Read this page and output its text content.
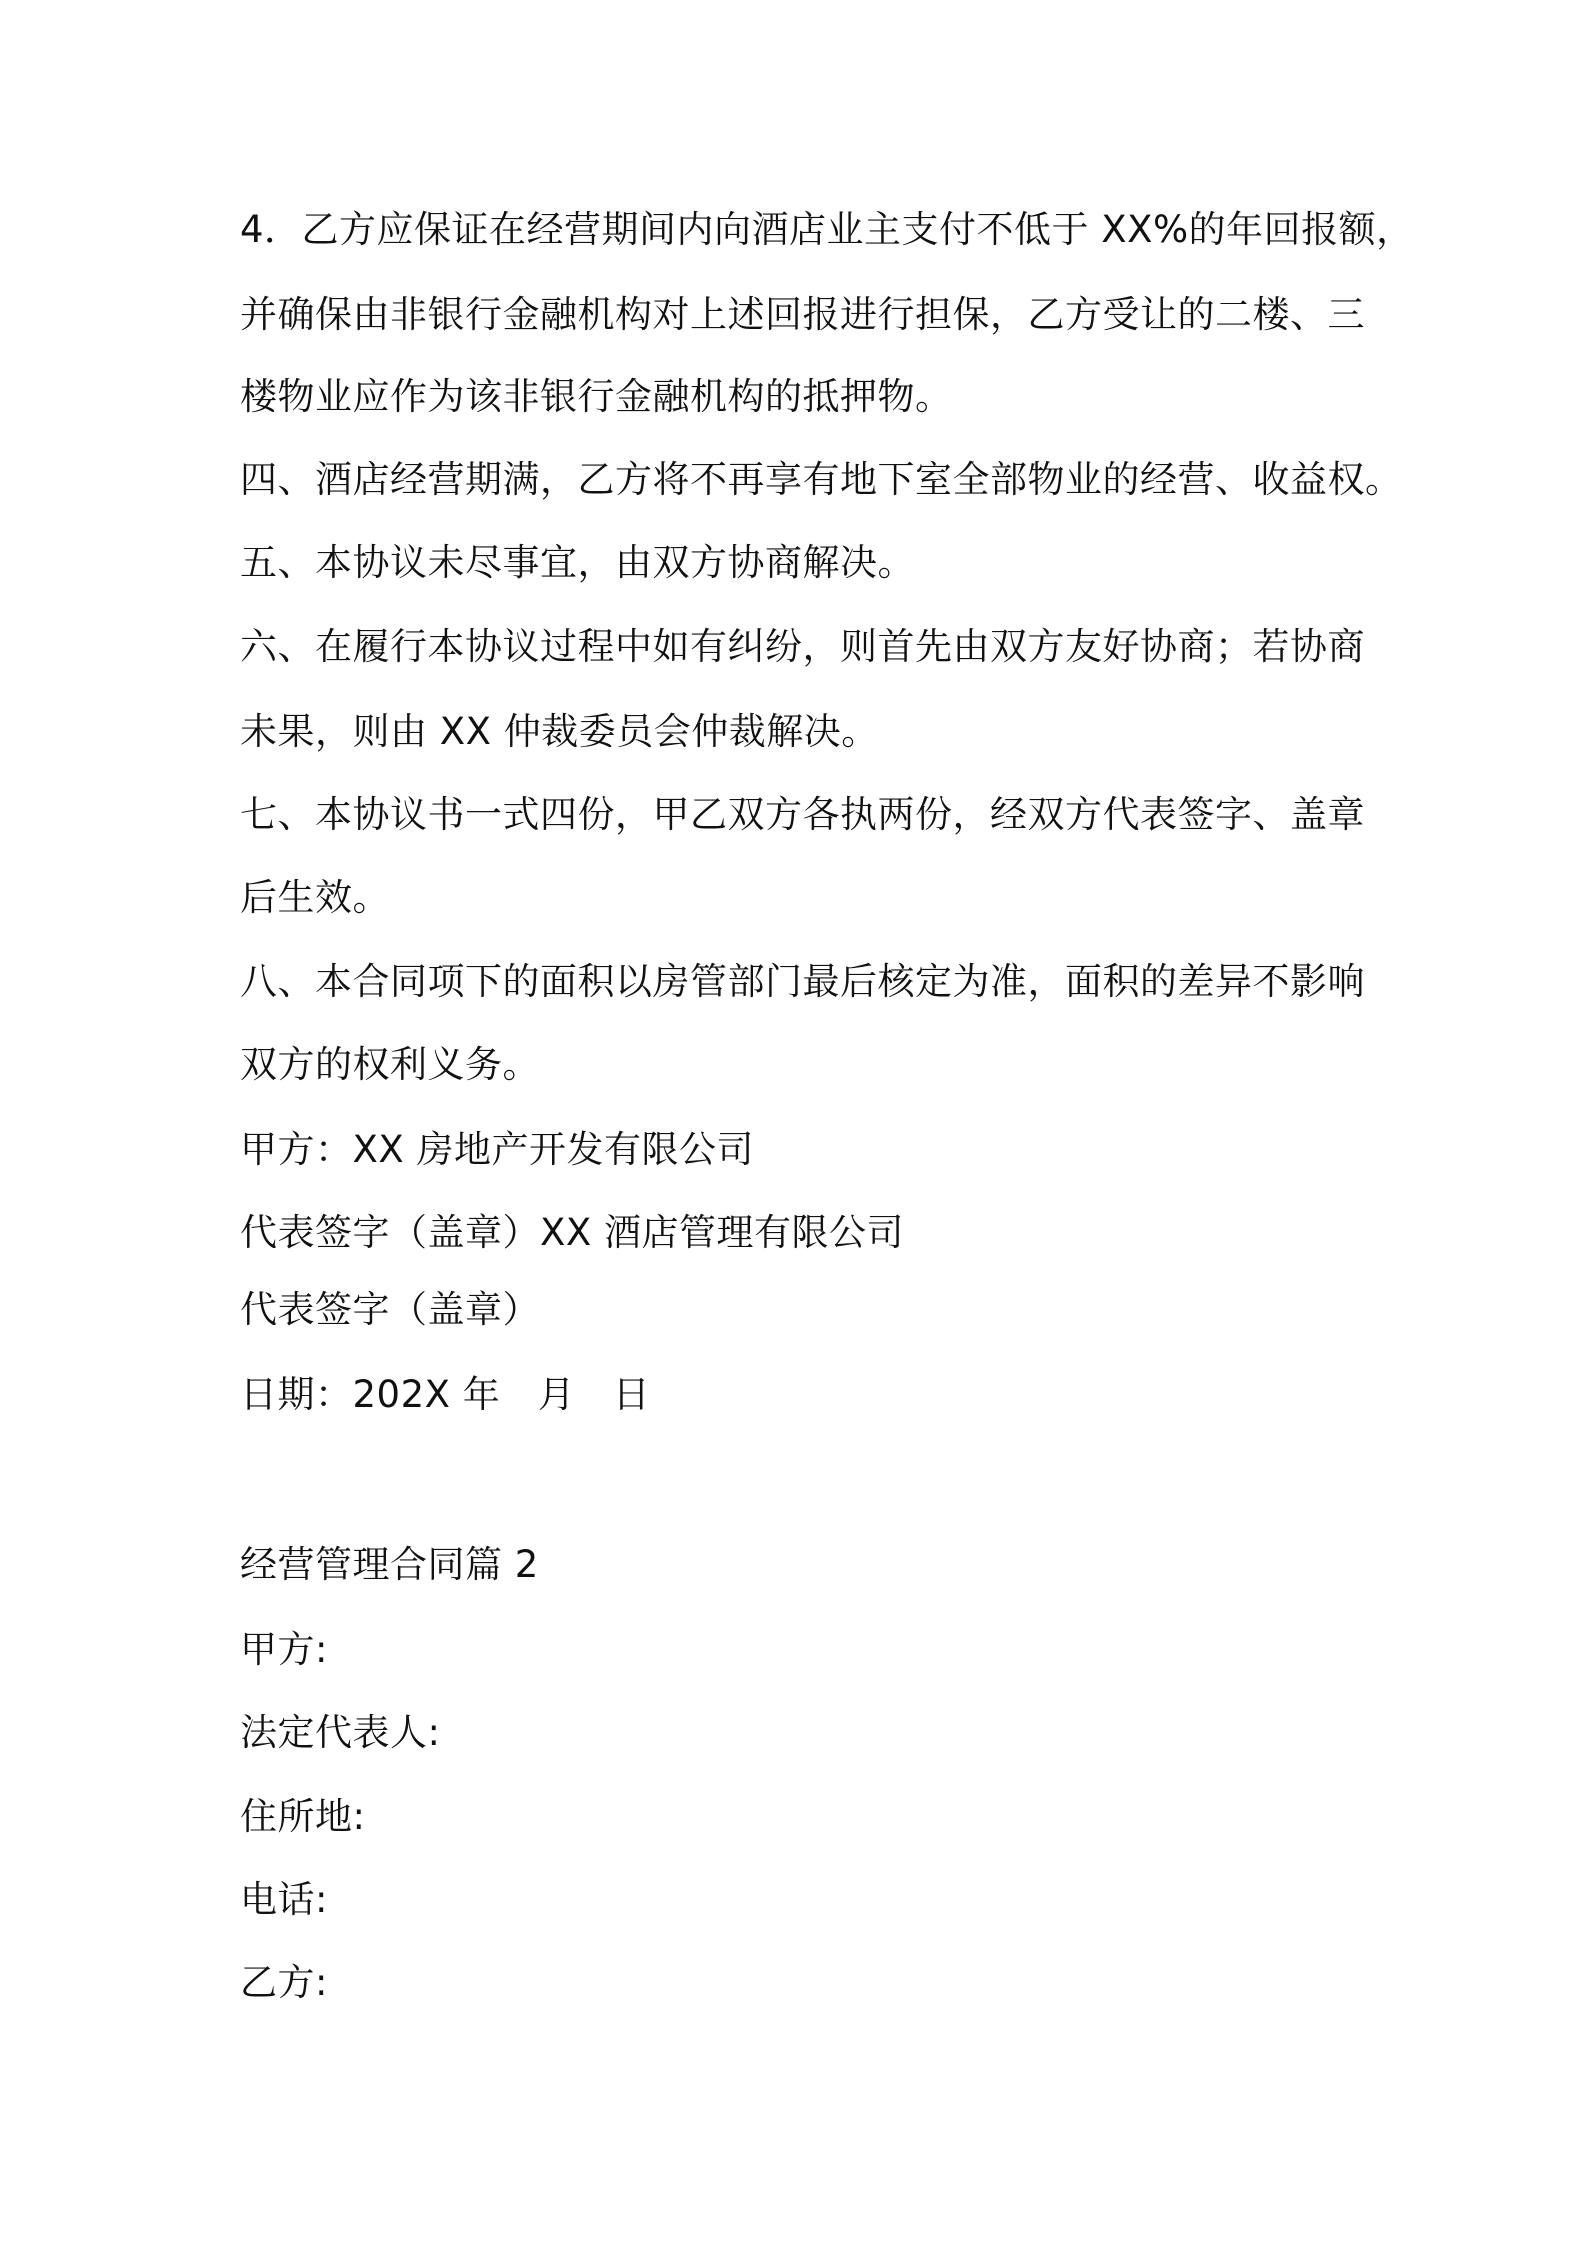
4．乙方应保证在经营期间内向酒店业主支付不低于 XX%的年回报额，

并确保由非银行金融机构对上述回报进行担保，乙方受让的二楼、三

楼物业应作为该非银行金融机构的抵押物。

四、酒店经营期满，乙方将不再享有地下室全部物业的经营、收益权。

五、本协议未尽事宜，由双方协商解决。

六、在履行本协议过程中如有纠纷，则首先由双方友好协商；若协商

未果，则由 XX 仲裁委员会仲裁解决。

七、本协议书一式四份，甲乙双方各执两份，经双方代表签字、盖章

后生效。

八、本合同项下的面积以房管部门最后核定为准，面积的差异不影响

双方的权利义务。

甲方：XX 房地产开发有限公司

代表签字（盖章）XX 酒店管理有限公司

代表签字（盖章）

日期：202X 年　月　日

经营管理合同篇 2

甲方:

法定代表人:

住所地:

电话:

乙方:
